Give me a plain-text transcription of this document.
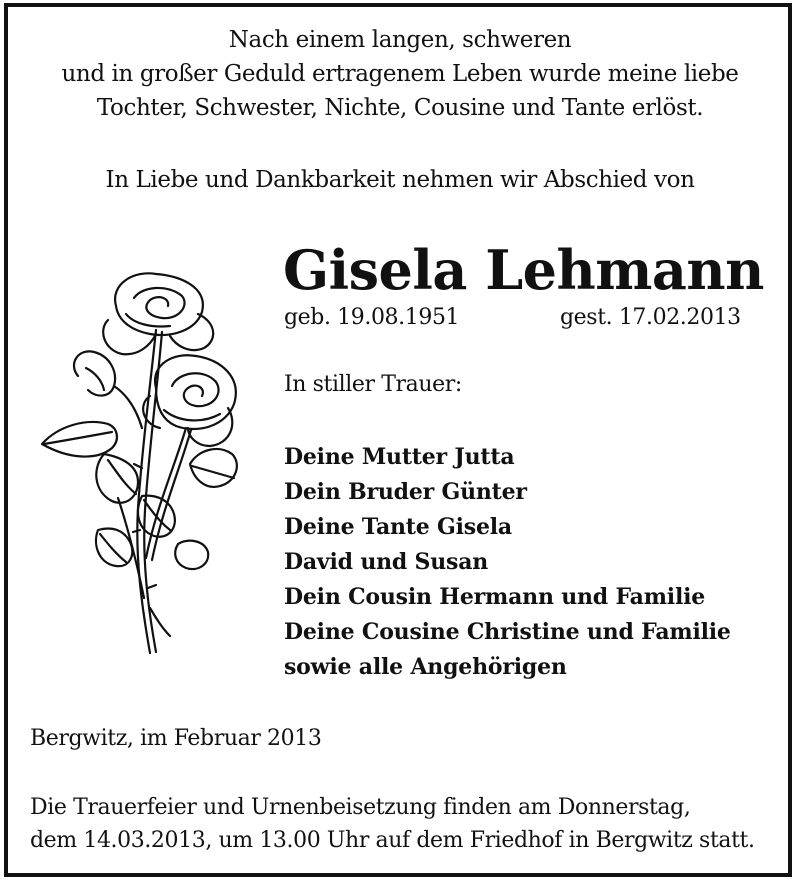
Nach einem langen, schweren
und in großer Geduld ertragenem Leben wurde meine liebe
Tochter, Schwester, Nichte, Cousine und Tante erlöst.
In Liebe und Dankbarkeit nehmen wir Abschied von
Gisela Lehmann
geb. 19.08.1951	gest. 17.02.2013
In stiller Trauer:
Deine Mutter Jutta
Dein Bruder Günter
Deine Tante Gisela
David und Susan
Dein Cousin Hermann und Familie
Deine Cousine Christine und Familie
sowie alle Angehörigen
Bergwitz, im Februar 2013
Die Trauerfeier und Urnenbeisetzung finden am Donnerstag,
dem 14.03.2013, um 13.00 Uhr auf dem Friedhof in Bergwitz statt.
